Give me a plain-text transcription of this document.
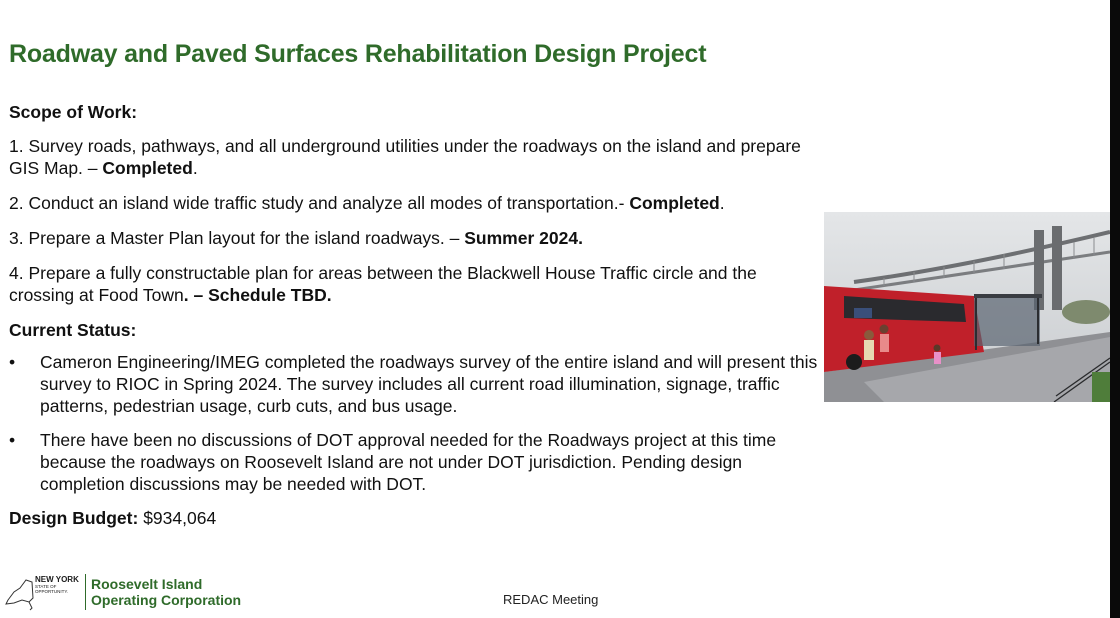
Roadway and Paved Surfaces Rehabilitation Design Project
Scope of Work:
1. Survey roads, pathways, and all underground utilities under the roadways on the island and prepare GIS Map. – Completed.
2. Conduct an island wide traffic study and analyze all modes of transportation.- Completed.
3. Prepare a Master Plan layout for the island roadways. – Summer 2024.
4. Prepare a fully constructable plan for areas between the Blackwell House Traffic circle and the crossing at Food Town. – Schedule TBD.
Current Status:
•	Cameron Engineering/IMEG completed the roadways survey of the entire island and will present this survey to RIOC in Spring 2024. The survey includes all current road illumination, signage, traffic patterns, pedestrian usage, curb cuts, and bus usage.
•	There have been no discussions of DOT approval needed for the Roadways project at this time because the roadways on Roosevelt Island are not under DOT jurisdiction. Pending design completion discussions may be needed with DOT.
Design Budget: $934,064
NEW YORK
STATE OF
OPPORTUNITY.	Roosevelt Island
Operating Corporation	REDAC Meeting
